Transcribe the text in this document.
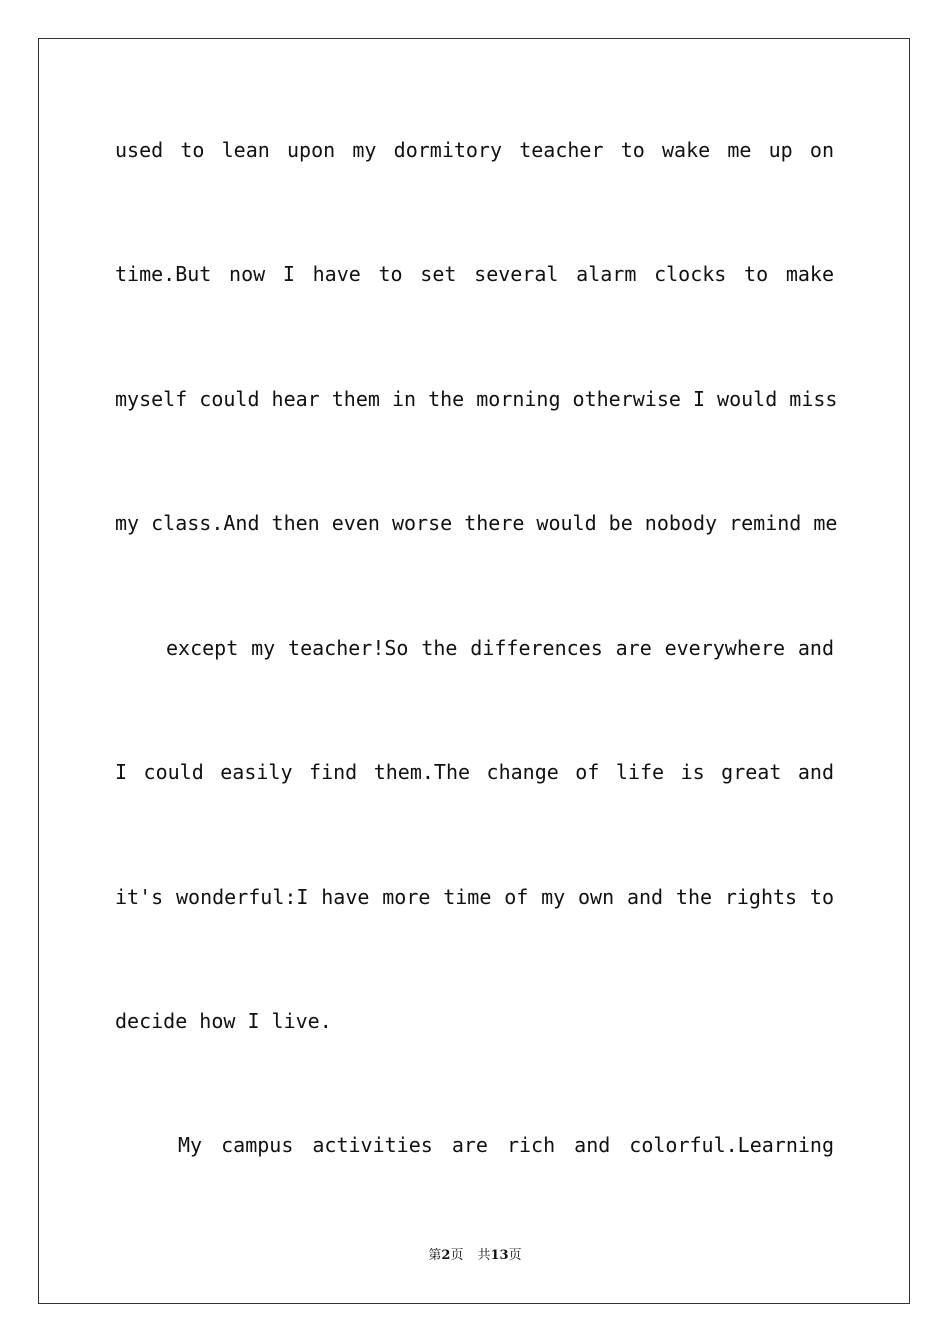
used to lean upon my dormitory teacher to wake me up on
time.But now I have to set several alarm clocks to make
myself could hear them in the morning otherwise I would miss
my class.And then even worse there would be nobody remind me
except my teacher!So the differences are everywhere and
I could easily find them.The change of life is great and
it's wonderful:I have more time of my own and the rights to
decide how I live.
My campus activities are rich and colorful.Learning
第2页 共13页
